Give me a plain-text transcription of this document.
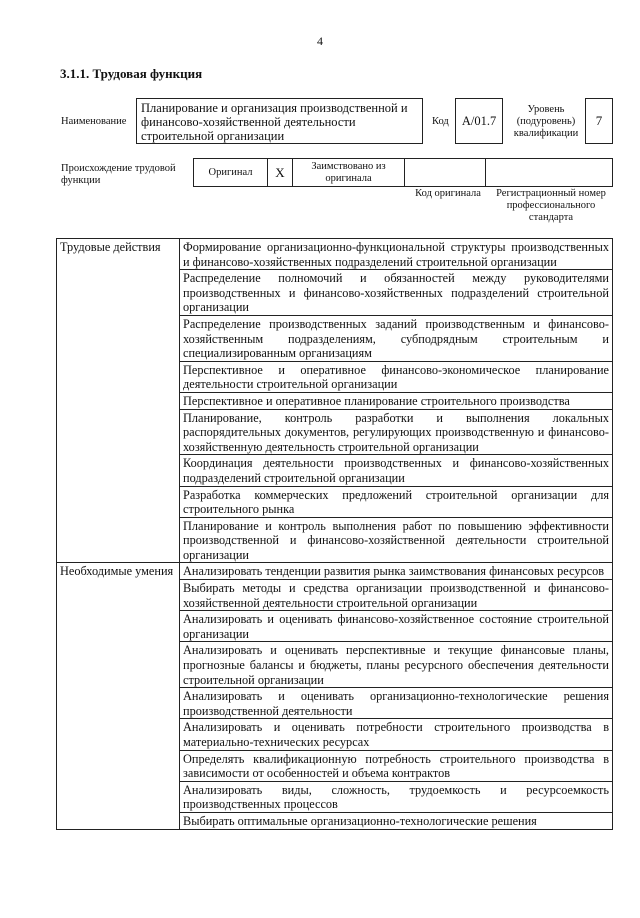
4
3.1.1. Трудовая функция
Наименование
Планирование и организация производственной и финансово-хозяйственной деятельности строительной организации
Код	A/01.7
Уровень (подуровень) квалификации
7
Происхождение трудовой функции
Оригинал	X	Заимствовано из оригинала
Код оригинала	Регистрационный номер профессионального стандарта
Трудовые действия	Формирование организационно-функциональной структуры производственных и финансово-хозяйственных подразделений строительной организации
	Распределение полномочий и обязанностей между руководителями производственных и финансово-хозяйственных подразделений строительной организации
	Распределение производственных заданий производственным и финансово-хозяйственным подразделениям, субподрядным строительным и специализированным организациям
	Перспективное и оперативное финансово-экономическое планирование деятельности строительной организации
	Перспективное и оперативное планирование строительного производства
	Планирование, контроль разработки и выполнения локальных распорядительных документов, регулирующих производственную и финансово-хозяйственную деятельность строительной организации
	Координация деятельности производственных и финансово-хозяйственных подразделений строительной организации
	Разработка коммерческих предложений строительной организации для строительного рынка
	Планирование и контроль выполнения работ по повышению эффективности производственной и финансово-хозяйственной деятельности строительной организации
Необходимые умения	Анализировать тенденции развития рынка заимствования финансовых ресурсов
	Выбирать методы и средства организации производственной и финансово-хозяйственной деятельности строительной организации
	Анализировать и оценивать финансово-хозяйственное состояние строительной организации
	Анализировать и оценивать перспективные и текущие финансовые планы, прогнозные балансы и бюджеты, планы ресурсного обеспечения деятельности строительной организации
	Анализировать и оценивать организационно-технологические решения производственной деятельности
	Анализировать и оценивать потребности строительного производства в материально-технических ресурсах
	Определять квалификационную потребность строительного производства в зависимости от особенностей и объема контрактов
	Анализировать виды, сложность, трудоемкость и ресурсоемкость производственных процессов
	Выбирать оптимальные организационно-технологические решения
